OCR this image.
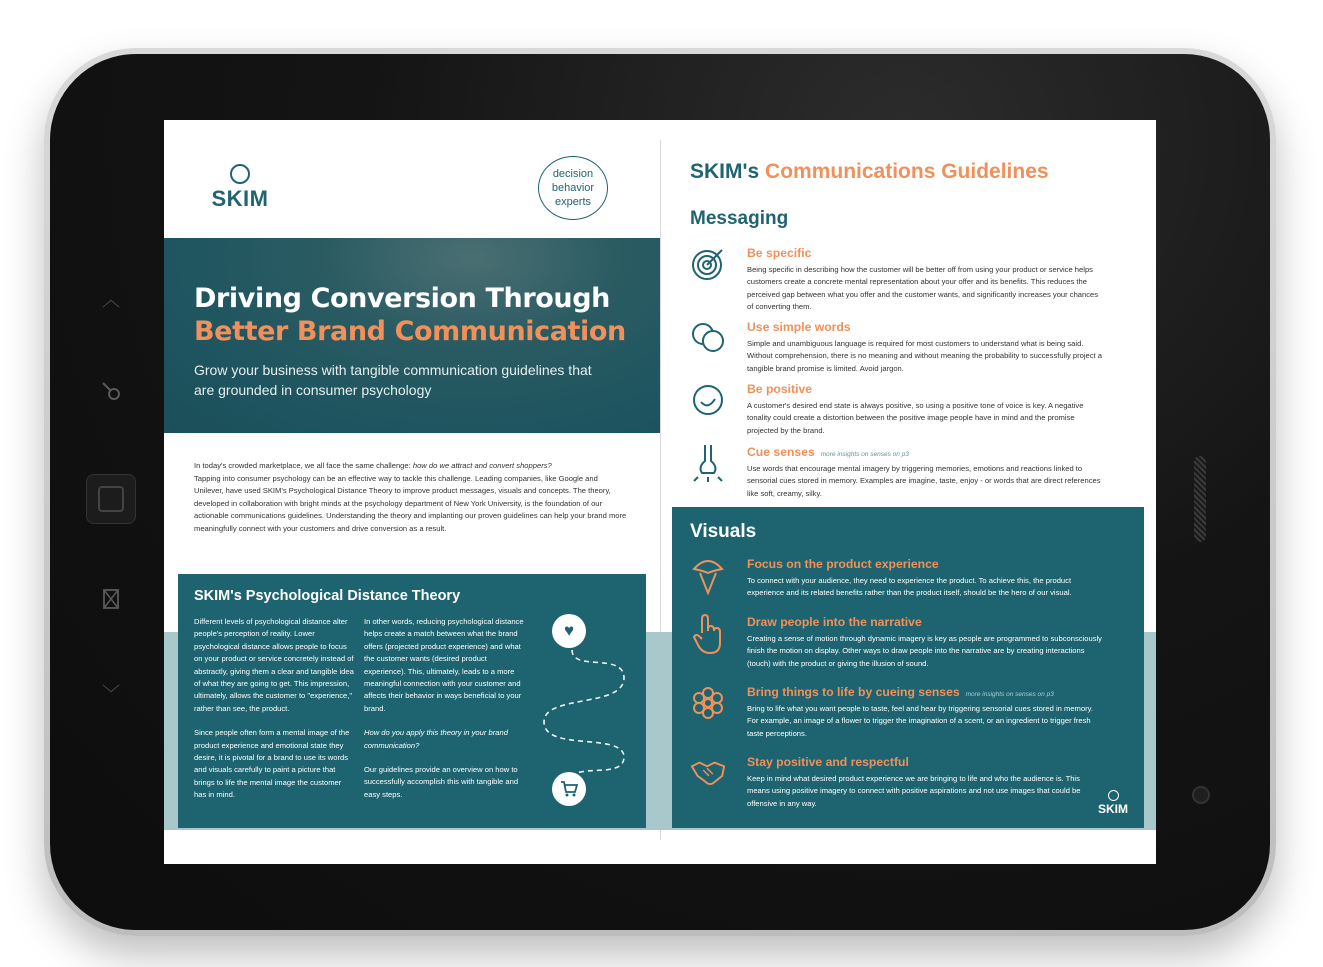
︿
﹀
SKIM
decision
behavior
experts
Driving Conversion Through
Better Brand Communication

Grow your business with tangible communication guidelines that are grounded in consumer psychology

In today's crowded marketplace, we all face the same challenge: how do we attract and convert shoppers?
Tapping into consumer psychology can be an effective way to tackle this challenge. Leading companies, like Google and Unilever, have used SKIM's Psychological Distance Theory to improve product messages, visuals and concepts. The theory, developed in collaboration with bright minds at the psychology department of New York University, is the foundation of our actionable communications guidelines. Understanding the theory and implanting our proven guidelines can help your brand more meaningfully connect with your customers and drive conversion as a result.
SKIM's Psychological Distance Theory

Different levels of psychological distance alter people's perception of reality. Lower psychological distance allows people to focus on your product or service concretely instead of abstractly, giving them a clear and tangible idea of what they are going to get. This impression, ultimately, allows the customer to "experience," rather than see, the product.

Since people often form a mental image of the product experience and emotional state they desire, it is pivotal for a brand to use its words and visuals carefully to paint a picture that brings to life the mental image the customer has in mind.

In other words, reducing psychological distance helps create a match between what the brand offers (projected product experience) and what the customer wants (desired product experience). This, ultimately, leads to a more meaningful connection with your customer and affects their behavior in ways beneficial to your brand.

How do you apply this theory in your brand communication?

Our guidelines provide an overview on how to successfully accomplish this with tangible and easy steps.

♥
SKIM's Communications Guidelines
Messaging
Be specific
Being specific in describing how the customer will be better off from using your product or service helps customers create a concrete mental representation about your offer and its benefits. This reduces the perceived gap between what you offer and the customer wants, and significantly increases your chances of converting them.
Use simple words
Simple and unambiguous language is required for most customers to understand what is being said. Without comprehension, there is no meaning and without meaning the probability to successfully project a tangible brand promise is limited. Avoid jargon.
Be positive
A customer's desired end state is always positive, so using a positive tone of voice is key. A negative tonality could create a distortion between the positive image people have in mind and the promise projected by the brand.
Cue senses more insights on senses on p3
Use words that encourage mental imagery by triggering memories, emotions and reactions linked to sensorial cues stored in memory. Examples are imagine, taste, enjoy - or words that are direct references like soft, creamy, silky.
Visuals
Focus on the product experience
To connect with your audience, they need to experience the product. To achieve this, the product experience and its related benefits rather than the product itself, should be the hero of our visual.
Draw people into the narrative
Creating a sense of motion through dynamic imagery is key as people are programmed to subconsciously finish the motion on display. Other ways to draw people into the narrative are by creating interactions (touch) with the product or giving the illusion of sound.
Bring things to life by cueing senses more insights on senses on p3
Bring to life what you want people to taste, feel and hear by triggering sensorial cues stored in memory. For example, an image of a flower to trigger the imagination of a scent, or an ingredient to trigger fresh taste perceptions.
Stay positive and respectful
Keep in mind what desired product experience we are bringing to life and who the audience is. This means using positive imagery to connect with positive aspirations and not use images that could be offensive in any way.	SKIM
